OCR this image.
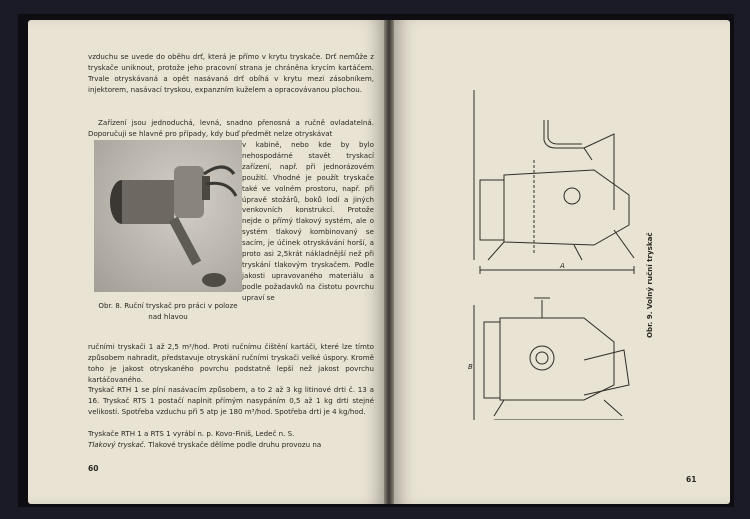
vzduchu se uvede do oběhu drť, která je přímo v krytu tryskače. Drť nemůže z tryskače uniknout, protože jeho pracovní strana je chráněna krycím kartáčem. Trvale otryskávaná a opět nasávaná drť obíhá v krytu mezi zásobníkem, injektorem, nasávací tryskou, expanzním kuželem a opracovávanou plochou.

Zařízení jsou jednoduchá, levná, snadno přenosná a ručně ovladatelná. Doporučuji se hlavně pro případy, kdy buď předmět nelze otryskávat

Obr. 8. Ruční tryskač pro práci v poloze nad hlavou

v kabině, nebo kde by bylo nehospodárné stavět tryskací zařízení, např. při jednorázovém použití. Vhodné je použít tryskače také ve volném prostoru, např. při úpravě stožárů, boků lodí a jiných venkovních konstrukcí. Protože nejde o přímý tlakový systém, ale o systém tlakový kombinovaný se sacím, je účinek otryskávání horší, a proto asi 2,5krát nákladnější než při tryskání tlakovým tryskačem. Podle jakosti upravovaného materiálu a podle požadavků na čistotu povrchu upraví se

ručními tryskači 1 až 2,5 m²/hod. Proti ručnímu čištění kartáči, které lze tímto způsobem nahradit, představuje otryskání ručními tryskači velké úspory. Kromě toho je jakost otryskaného povrchu podstatně lepší než jakost povrchu kartáčovaného.

Tryskač RTH 1 se plní nasávacím způsobem, a to 2 až 3 kg litinové drti č. 13 a 16. Tryskač RTS 1 postačí naplnit přímým nasypáním 0,5 až 1 kg drti stejné velikosti. Spotřeba vzduchu při 5 atp je 180 m³/hod. Spotřeba drti je 4 kg/hod.

Tryskače RTH 1 a RTS 1 vyrábí n. p. Kovo-Finiš, Ledeč n. S.

Tlakový tryskač. Tlakové tryskače dělíme podle druhu provozu na

60
A
B
Obr. 9. Volný ruční tryskač
61
